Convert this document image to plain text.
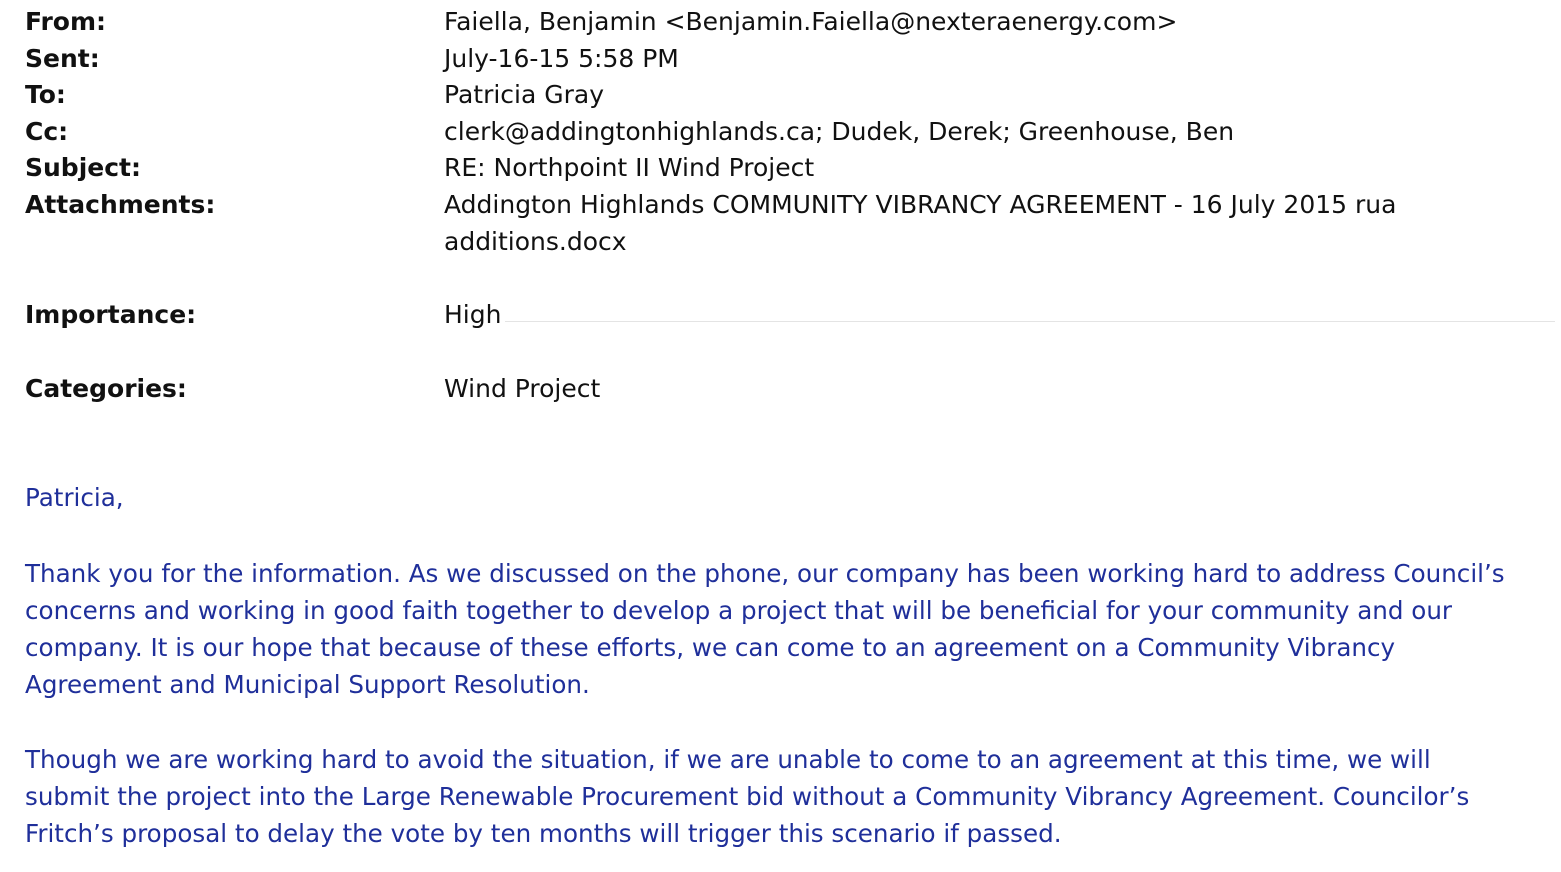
From:	Faiella, Benjamin <Benjamin.Faiella@nexteraenergy.com>
Sent:	July-16-15 5:58 PM
To:	Patricia Gray
Cc:	clerk@addingtonhighlands.ca; Dudek, Derek; Greenhouse, Ben
Subject:	RE: Northpoint II Wind Project
Attachments:	Addington Highlands COMMUNITY VIBRANCY AGREEMENT - 16 July 2015 rua
additions.docx
Importance:	High
Categories:	Wind Project
Patricia,
Thank you for the information. As we discussed on the phone, our company has been working hard to address Council’s
concerns and working in good faith together to develop a project that will be beneficial for your community and our
company. It is our hope that because of these efforts, we can come to an agreement on a Community Vibrancy
Agreement and Municipal Support Resolution.
Though we are working hard to avoid the situation, if we are unable to come to an agreement at this time, we will
submit the project into the Large Renewable Procurement bid without a Community Vibrancy Agreement. Councilor’s
Fritch’s proposal to delay the vote by ten months will trigger this scenario if passed.
